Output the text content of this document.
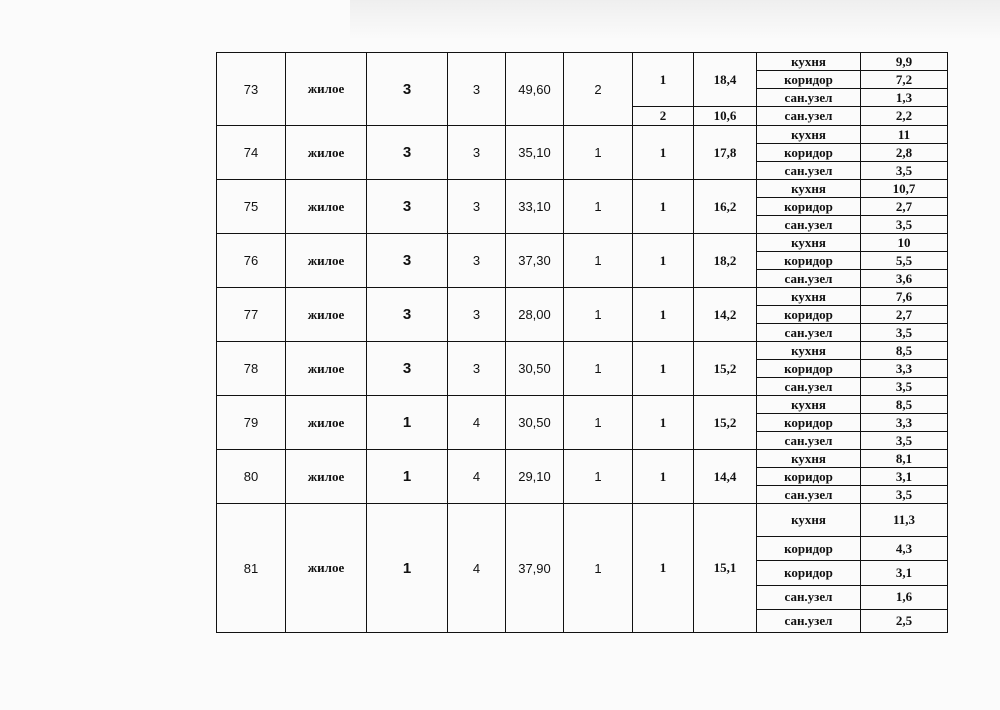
73	жилое	3	3	49,60	2	1	18,4	кухня	9,9
								коридор	7,2
								сан.узел	1,3
						2	10,6	сан.узел	2,2
74	жилое	3	3	35,10	1	1	17,8	кухня	11
								коридор	2,8
								сан.узел	3,5
75	жилое	3	3	33,10	1	1	16,2	кухня	10,7
								коридор	2,7
								сан.узел	3,5
76	жилое	3	3	37,30	1	1	18,2	кухня	10
								коридор	5,5
								сан.узел	3,6
77	жилое	3	3	28,00	1	1	14,2	кухня	7,6
								коридор	2,7
								сан.узел	3,5
78	жилое	3	3	30,50	1	1	15,2	кухня	8,5
								коридор	3,3
								сан.узел	3,5
79	жилое	1	4	30,50	1	1	15,2	кухня	8,5
								коридор	3,3
								сан.узел	3,5
80	жилое	1	4	29,10	1	1	14,4	кухня	8,1
								коридор	3,1
								сан.узел	3,5
81	жилое	1	4	37,90	1	1	15,1	кухня	11,3
								коридор	4,3
								коридор	3,1
								сан.узел	1,6
								сан.узел	2,5
